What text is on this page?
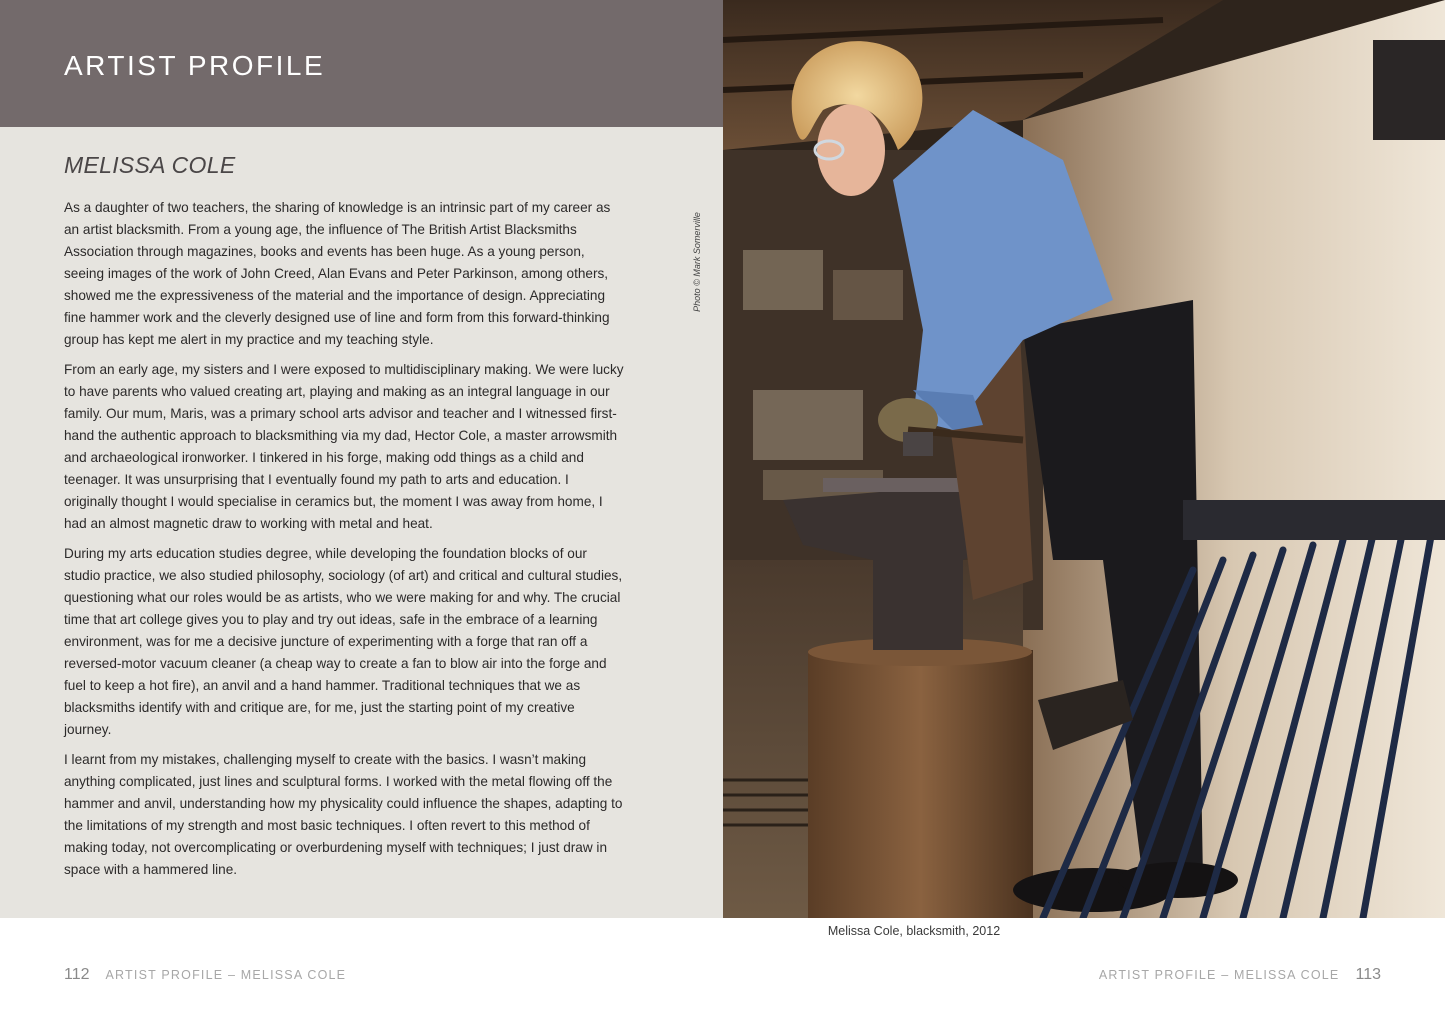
ARTIST PROFILE
MELISSA COLE

As a daughter of two teachers, the sharing of knowledge is an intrinsic part of my career as an artist blacksmith. From a young age, the influence of The British Artist Blacksmiths Association through magazines, books and events has been huge. As a young person, seeing images of the work of John Creed, Alan Evans and Peter Parkinson, among others, showed me the expressiveness of the material and the importance of design. Appreciating fine hammer work and the cleverly designed use of line and form from this forward-thinking group has kept me alert in my practice and my teaching style.

From an early age, my sisters and I were exposed to multidisciplinary making. We were lucky to have parents who valued creating art, playing and making as an integral language in our family. Our mum, Maris, was a primary school arts advisor and teacher and I witnessed first-hand the authentic approach to blacksmithing via my dad, Hector Cole, a master arrowsmith and archaeological ironworker. I tinkered in his forge, making odd things as a child and teenager. It was unsurprising that I eventually found my path to arts and education. I originally thought I would specialise in ceramics but, the moment I was away from home, I had an almost magnetic draw to working with metal and heat.

During my arts education studies degree, while developing the foundation blocks of our studio practice, we also studied philosophy, sociology (of art) and critical and cultural studies, questioning what our roles would be as artists, who we were making for and why. The crucial time that art college gives you to play and try out ideas, safe in the embrace of a learning environment, was for me a decisive juncture of experimenting with a forge that ran off a reversed-motor vacuum cleaner (a cheap way to create a fan to blow air into the forge and fuel to keep a hot fire), an anvil and a hand hammer. Traditional techniques that we as blacksmiths identify with and critique are, for me, just the starting point of my creative journey.

I learnt from my mistakes, challenging myself to create with the basics. I wasn’t making anything complicated, just lines and sculptural forms. I worked with the metal flowing off the hammer and anvil, understanding how my physicality could influence the shapes, adapting to the limitations of my strength and most basic techniques. I often revert to this method of making today, not overcomplicating or overburdening myself with techniques; I just draw in space with a hammered line.

Photo © Mark Somerville
Melissa Cole, blacksmith, 2012
112 ARTIST PROFILE – MELISSA COLE	ARTIST PROFILE – MELISSA COLE 113
